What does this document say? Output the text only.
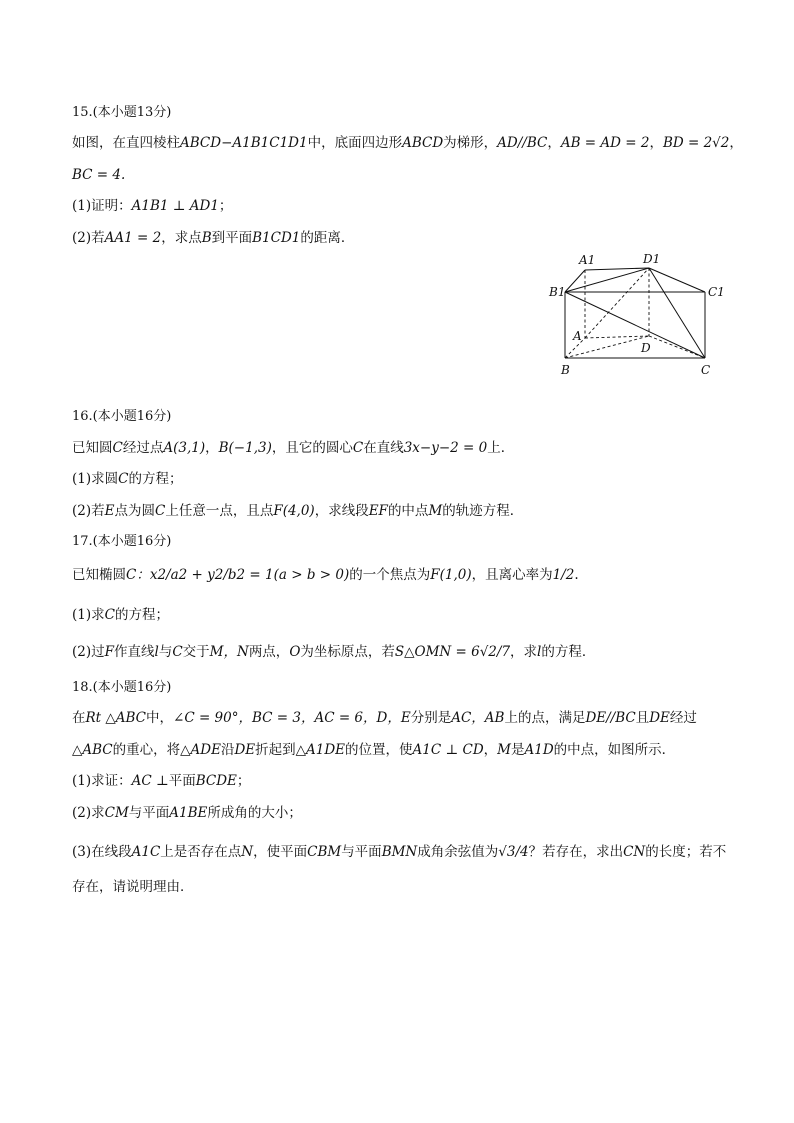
15.(本小题13分)
如图，在直四棱柱ABCD−A1B1C1D1中，底面四边形ABCD为梯形，AD//BC，AB = AD = 2，BD = 2√2，
BC = 4.
(1)证明：A1B1 ⊥ AD1；
(2)若AA1 = 2，求点B到平面B1CD1的距离．
A1	D1
B1	C1
A
D
B	C
16.(本小题16分)
已知圆C经过点A(3,1)，B(−1,3)，且它的圆心C在直线3x−y−2 = 0上．
(1)求圆C的方程；
(2)若E点为圆C上任意一点，且点F(4,0)，求线段EF的中点M的轨迹方程．
17.(本小题16分)
已知椭圆C：x2/a2 + y2/b2 = 1(a > b > 0)的一个焦点为F(1,0)，且离心率为1/2.
(1)求C的方程；
(2)过F作直线l与C交于M，N两点，O为坐标原点，若S△OMN = 6√2/7，求l的方程．
18.(本小题16分)
在Rt △ABC中，∠C = 90°，BC = 3，AC = 6，D，E分别是AC，AB上的点，满足DE//BC且DE经过
△ABC的重心，将△ADE沿DE折起到△A1DE的位置，使A1C ⊥ CD，M是A1D的中点，如图所示．
(1)求证：AC ⊥平面BCDE；
(2)求CM与平面A1BE所成角的大小；
(3)在线段A1C上是否存在点N，使平面CBM与平面BMN成角余弦值为√3/4？若存在，求出CN的长度；若不
存在，请说明理由．
